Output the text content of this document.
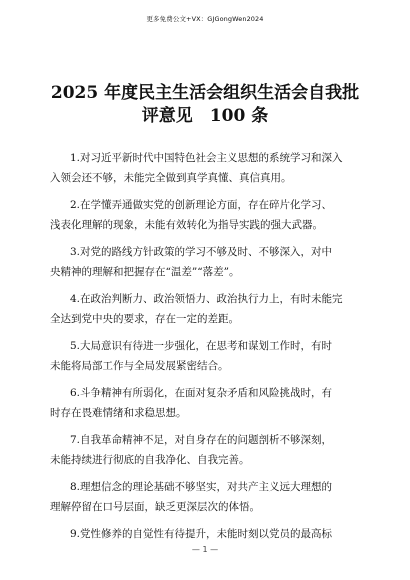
更多免费公文+VX：GJGongWen2024
2025 年度民主生活会组织生活会自我批
评意见　100 条
1.对习近平新时代中国特色社会主义思想的系统学习和深入
入领会还不够，未能完全做到真学真懂、真信真用。
2.在学懂弄通做实党的创新理论方面，存在碎片化学习、
浅表化理解的现象，未能有效转化为指导实践的强大武器。
3.对党的路线方针政策的学习不够及时、不够深入，对中
央精神的理解和把握存在“温差”“落差”。
4.在政治判断力、政治领悟力、政治执行力上，有时未能完
全达到党中央的要求，存在一定的差距。
5.大局意识有待进一步强化，在思考和谋划工作时，有时
未能将局部工作与全局发展紧密结合。
6.斗争精神有所弱化，在面对复杂矛盾和风险挑战时，有
时存在畏难情绪和求稳思想。
7.自我革命精神不足，对自身存在的问题剖析不够深刻，
未能持续进行彻底的自我净化、自我完善。
8.理想信念的理论基础不够坚实，对共产主义远大理想的
理解停留在口号层面，缺乏更深层次的体悟。
9.党性修养的自觉性有待提升，未能时刻以党员的最高标
— 1 —
